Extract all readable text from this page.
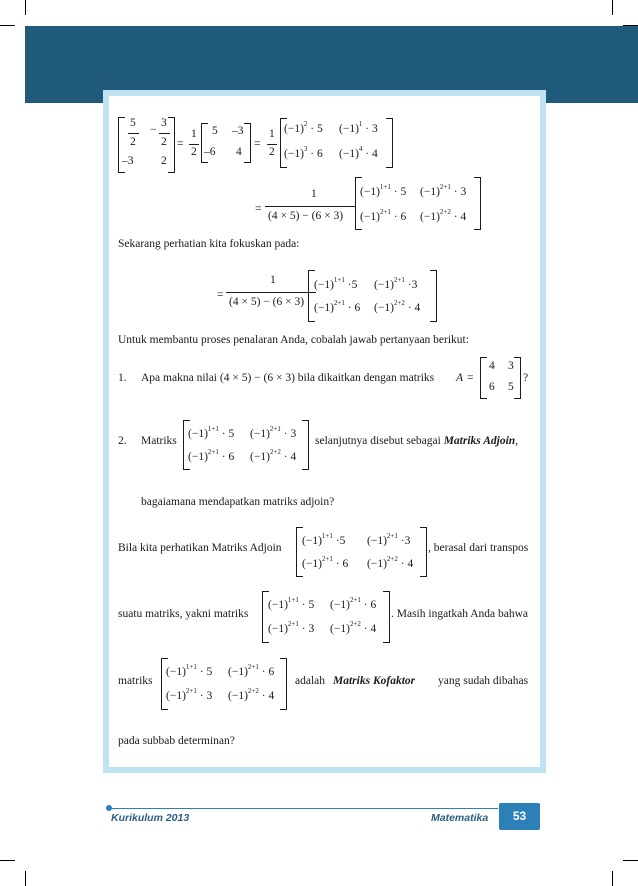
5
2
−
3
2
–3 2
=
1
2
5 –3
–6 4
=
1
2
$(-1)^2 \cdot 5$ $(-1)^1 \cdot 3$
$(-1)^3 \cdot 6$ $(-1)^4 \cdot 4$
=
1
(4 × 5) − (6 × 3)
$(-1)^{1+1} \cdot 5$ $(-1)^{2+1} \cdot 3$
$(-1)^{2+1} \cdot 6$ $(-1)^{2+2} \cdot 4$
Sekarang perhatian kita fokuskan pada:
=
1
(4 × 5) − (6 × 3)
$(-1)^{1+1} \cdot 5$ $(-1)^{2+1} \cdot 3$
$(-1)^{2+1} \cdot 6$ $(-1)^{2+2} \cdot 4$
Untuk membantu proses penalaran Anda, cobalah jawab pertanyaan berikut:
1. Apa makna nilai (4 × 5) − (6 × 3) bila dikaitkan dengan matriks A =
4 3
6 5
?
2. Matriks
$(-1)^{1+1} \cdot 5$ $(-1)^{2+1} \cdot 3$
$(-1)^{2+1} \cdot 6$ $(-1)^{2+2} \cdot 4$
selanjutnya disebut sebagai Matriks Adjoin,
bagaiamana mendapatkan matriks adjoin?
Bila kita perhatikan Matriks Adjoin
$(-1)^{1+1} \cdot 5$ $(-1)^{2+1} \cdot 3$
$(-1)^{2+1} \cdot 6$ $(-1)^{2+2} \cdot 4$
, berasal dari transpos
suatu matriks, yakni matriks
$(-1)^{1+1} \cdot 5$ $(-1)^{2+1} \cdot 6$
$(-1)^{2+1} \cdot 3$ $(-1)^{2+2} \cdot 4$
. Masih ingatkah Anda bahwa
matriks
$(-1)^{1+1} \cdot 5$ $(-1)^{2+1} \cdot 6$
$(-1)^{2+1} \cdot 3$ $(-1)^{2+2} \cdot 4$
adalah Matriks Kofaktor yang sudah dibahas
pada subbab determinan?
Kurikulum 2013	Matematika	53
